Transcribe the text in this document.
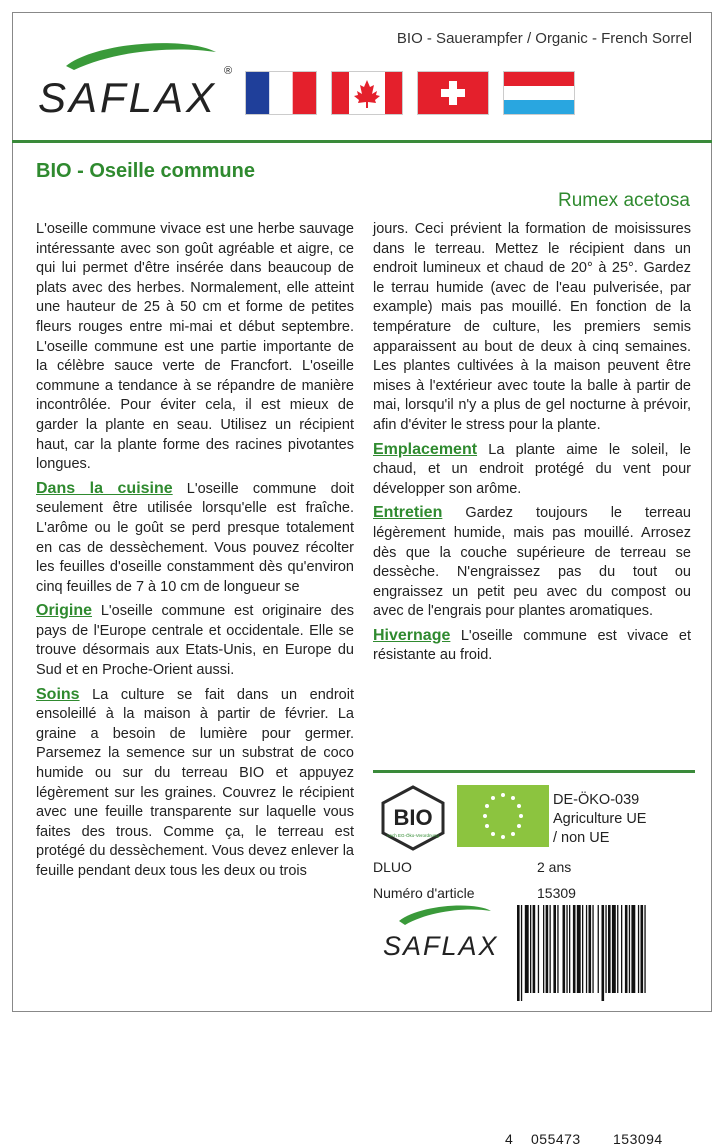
BIO - Sauerampfer / Organic - French Sorrel
SAFLAX
®
BIO - Oseille commune
Rumex acetosa

L'oseille commune vivace est une herbe sauvage intéressante avec son goût agréable et aigre, ce qui lui permet d'être insérée dans beaucoup de plats avec des herbes. Normalement, elle atteint une hauteur de 25 à 50 cm et forme de petites fleurs rouges entre mi-mai et début septembre. L'oseille commune est une partie importante de la célèbre sauce verte de Francfort. L'oseille commune a tendance à se répandre de manière incontrôlée. Pour éviter cela, il est mieux de garder la plante en seau. Utilisez un récipient haut, car la plante forme des racines pivotantes longues.

Dans la cuisine L'oseille commune doit seulement être utilisée lorsqu'elle est fraîche. L'arôme ou le goût se perd presque totalement en cas de dessèchement. Vous pouvez récolter les feuilles d'oseille constamment dès qu'environ cinq feuilles de 7 à 10 cm de longueur se

Origine L'oseille commune est originaire des pays de l'Europe centrale et occidentale. Elle se trouve désormais aux Etats-Unis, en Europe du Sud et en Proche-Orient aussi.

Soins La culture se fait dans un endroit ensoleillé à la maison à partir de février. La graine a besoin de lumière pour germer. Parsemez la semence sur un substrat de coco humide ou sur du terreau BIO et appuyez légèrement sur les graines. Couvrez le récipient avec une feuille transparente sur laquelle vous faites des trous. Comme ça, le terreau est protégé du dessèchement. Vous devez enlever la feuille pendant deux tous les deux ou trois

jours. Ceci prévient la formation de moisissures dans le terreau. Mettez le récipient dans un endroit lumineux et chaud de 20° à 25°. Gardez le terrau humide (avec de l'eau pulverisée, par example) mais pas mouillé. En fonction de la température de culture, les premiers semis apparaissent au bout de deux à cinq semaines. Les plantes cultivées à la maison peuvent être mises à l'extérieur avec toute la balle à partir de mai, lorsqu'il n'y a plus de gel nocturne à prévoir, afin d'éviter le stress pour la plante.

Emplacement La plante aime le soleil, le chaud, et un endroit protégé du vent pour développer son arôme.

Entretien Gardez toujours le terreau légèrement humide, mais pas mouillé. Arrosez dès que la couche supérieure de terreau se dessèche. N'engraissez pas du tout ou engraissez un petit peu avec du compost ou avec de l'engrais pour plantes aromatiques.

Hivernage L'oseille commune est vivace et résistante au froid.

BIO
nach EG-Öko-Verordnung
DE-ÖKO-039
Agriculture UE
/ non UE
DLUO	2 ans
Numéro d'article	15309
SAFLAX
4 055473 153094
